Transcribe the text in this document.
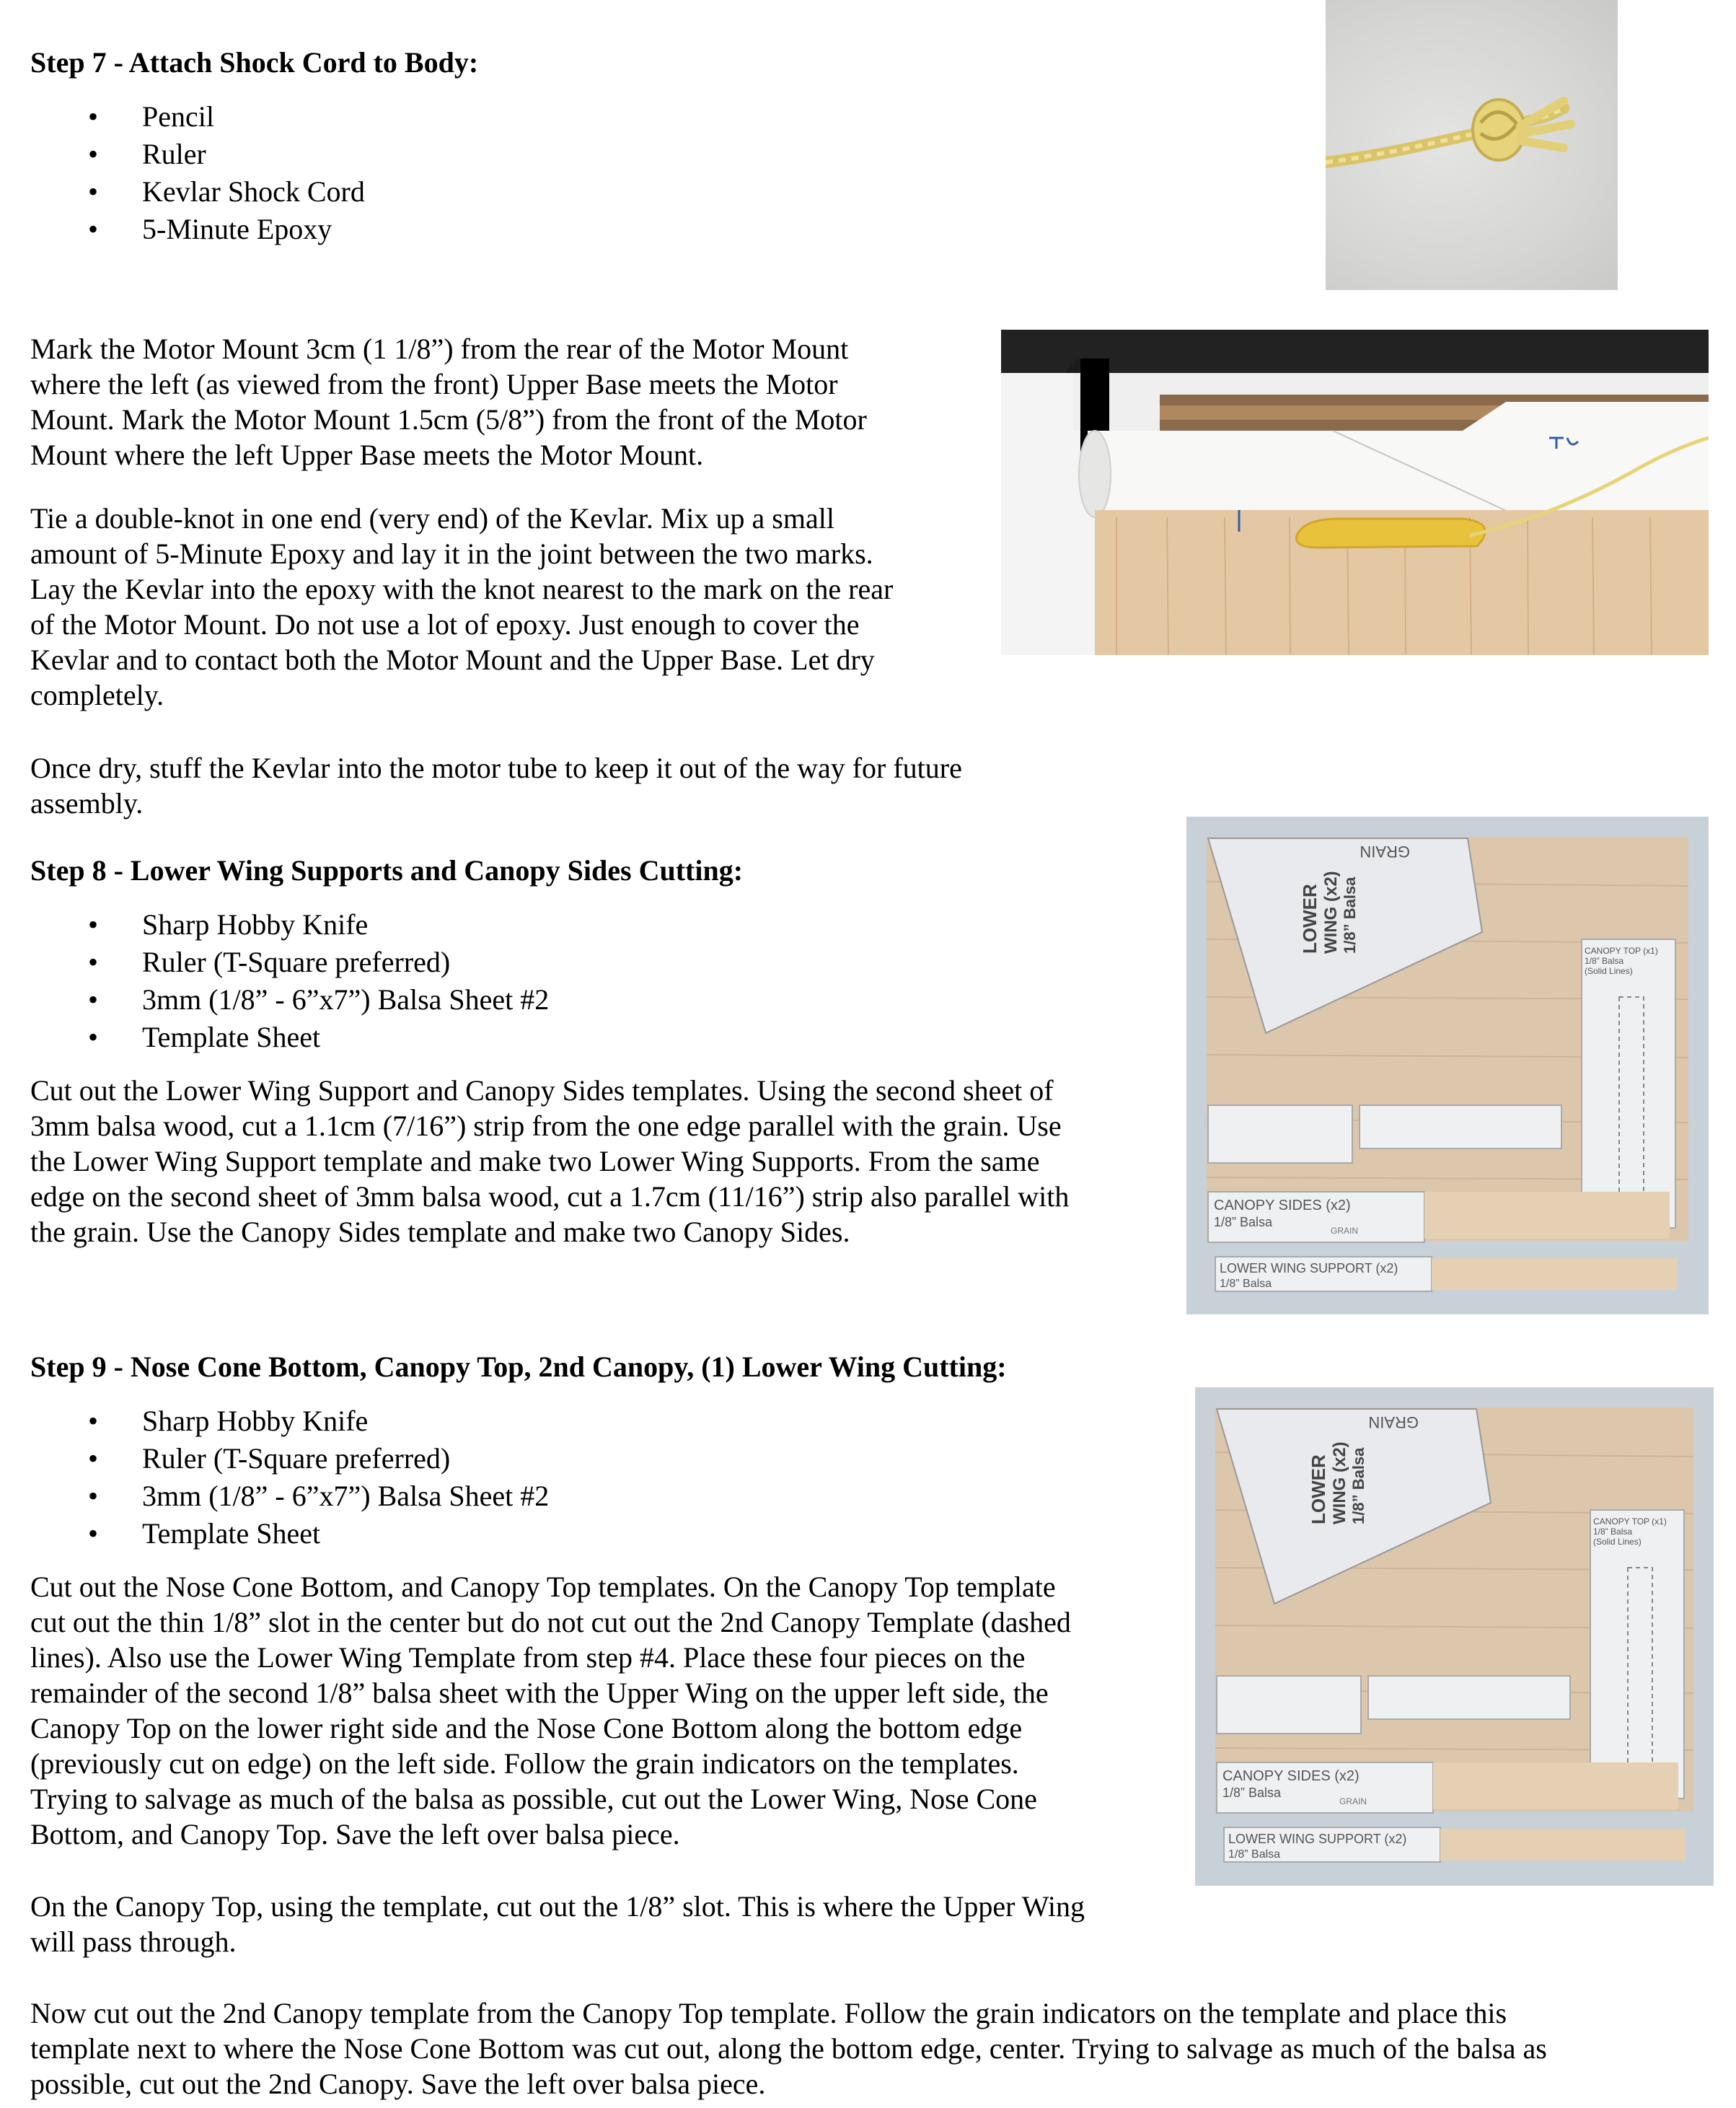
Step 7 - Attach Shock Cord to Body:
• Pencil
• Ruler
• Kevlar Shock Cord
• 5-Minute Epoxy

Mark the Motor Mount 3cm (1 1/8”) from the rear of the Motor Mount

where the left (as viewed from the front) Upper Base meets the Motor

Mount. Mark the Motor Mount 1.5cm (5/8”) from the front of the Motor

Mount where the left Upper Base meets the Motor Mount.

Tie a double-knot in one end (very end) of the Kevlar. Mix up a small

amount of 5-Minute Epoxy and lay it in the joint between the two marks.

Lay the Kevlar into the epoxy with the knot nearest to the mark on the rear

of the Motor Mount. Do not use a lot of epoxy. Just enough to cover the

Kevlar and to contact both the Motor Mount and the Upper Base. Let dry

completely.

Once dry, stuff the Kevlar into the motor tube to keep it out of the way for future

assembly.

Step 8 - Lower Wing Supports and Canopy Sides Cutting:
• Sharp Hobby Knife
• Ruler (T-Square preferred)
• 3mm (1/8” - 6”x7”) Balsa Sheet #2
• Template Sheet

Cut out the Lower Wing Support and Canopy Sides templates. Using the second sheet of

3mm balsa wood, cut a 1.1cm (7/16”) strip from the one edge parallel with the grain. Use

the Lower Wing Support template and make two Lower Wing Supports. From the same

edge on the second sheet of 3mm balsa wood, cut a 1.7cm (11/16”) strip also parallel with

the grain. Use the Canopy Sides template and make two Canopy Sides.

GRAIN
LOWER WING (x2) 1/8” Balsa	CANOPY TOP (x1)
1/8” Balsa
(Solid Lines)
CANOPY SIDES (x2)
1/8” Balsa
GRAIN
LOWER WING SUPPORT (x2)
1/8” Balsa
Step 9 - Nose Cone Bottom, Canopy Top, 2nd Canopy, (1) Lower Wing Cutting:
• Sharp Hobby Knife
• Ruler (T-Square preferred)
• 3mm (1/8” - 6”x7”) Balsa Sheet #2
• Template Sheet

Cut out the Nose Cone Bottom, and Canopy Top templates. On the Canopy Top template

cut out the thin 1/8” slot in the center but do not cut out the 2nd Canopy Template (dashed

lines). Also use the Lower Wing Template from step #4. Place these four pieces on the

remainder of the second 1/8” balsa sheet with the Upper Wing on the upper left side, the

Canopy Top on the lower right side and the Nose Cone Bottom along the bottom edge

(previously cut on edge) on the left side. Follow the grain indicators on the templates.

Trying to salvage as much of the balsa as possible, cut out the Lower Wing, Nose Cone

Bottom, and Canopy Top. Save the left over balsa piece.

GRAIN
LOWER WING (x2) 1/8” Balsa	CANOPY TOP (x1)
1/8” Balsa
(Solid Lines)
CANOPY SIDES (x2)
1/8” Balsa
GRAIN
LOWER WING SUPPORT (x2)
1/8” Balsa

On the Canopy Top, using the template, cut out the 1/8” slot. This is where the Upper Wing

will pass through.

Now cut out the 2nd Canopy template from the Canopy Top template. Follow the grain indicators on the template and place this

template next to where the Nose Cone Bottom was cut out, along the bottom edge, center. Trying to salvage as much of the balsa as

possible, cut out the 2nd Canopy. Save the left over balsa piece.
